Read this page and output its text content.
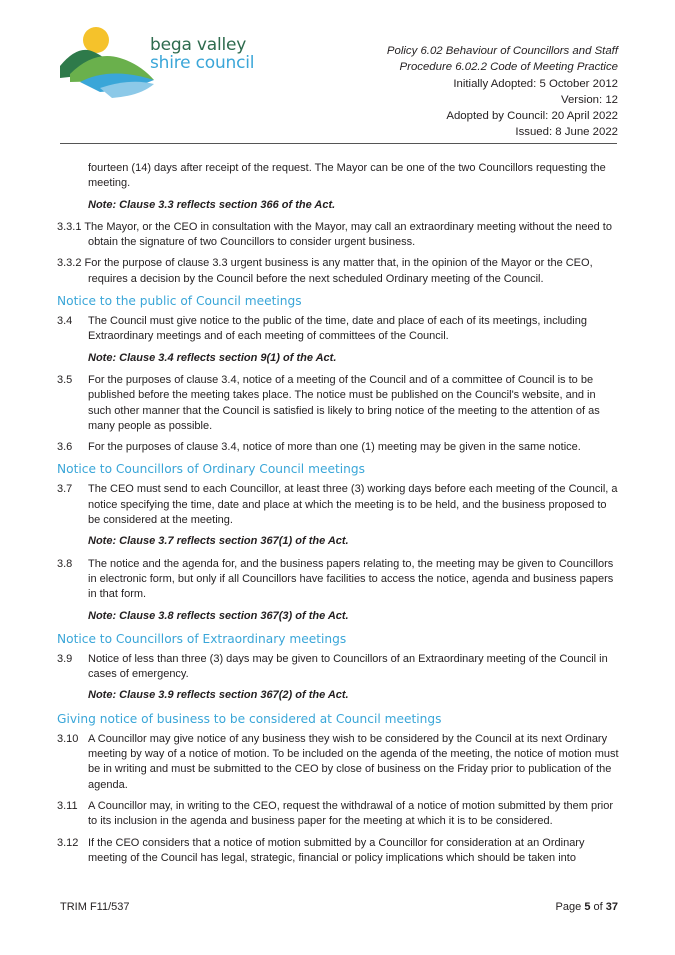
bega valley
shire council
Policy 6.02 Behaviour of Councillors and Staff
Procedure 6.02.2 Code of Meeting Practice
Initially Adopted: 5 October 2012
Version: 12
Adopted by Council: 20 April 2022
Issued: 8 June 2022
fourteen (14) days after receipt of the request. The Mayor can be one of the two Councillors requesting the meeting.
Note: Clause 3.3 reflects section 366 of the Act.
3.3.1 The Mayor, or the CEO in consultation with the Mayor, may call an extraordinary meeting without the need to obtain the signature of two Councillors to consider urgent business.
3.3.2 For the purpose of clause 3.3 urgent business is any matter that, in the opinion of the Mayor or the CEO, requires a decision by the Council before the next scheduled Ordinary meeting of the Council.
Notice to the public of Council meetings
3.4 The Council must give notice to the public of the time, date and place of each of its meetings, including Extraordinary meetings and of each meeting of committees of the Council.
Note: Clause 3.4 reflects section 9(1) of the Act.
3.5 For the purposes of clause 3.4, notice of a meeting of the Council and of a committee of Council is to be published before the meeting takes place. The notice must be published on the Council's website, and in such other manner that the Council is satisfied is likely to bring notice of the meeting to the attention of as many people as possible.
3.6 For the purposes of clause 3.4, notice of more than one (1) meeting may be given in the same notice.
Notice to Councillors of Ordinary Council meetings
3.7 The CEO must send to each Councillor, at least three (3) working days before each meeting of the Council, a notice specifying the time, date and place at which the meeting is to be held, and the business proposed to be considered at the meeting.
Note: Clause 3.7 reflects section 367(1) of the Act.
3.8 The notice and the agenda for, and the business papers relating to, the meeting may be given to Councillors in electronic form, but only if all Councillors have facilities to access the notice, agenda and business papers in that form.
Note: Clause 3.8 reflects section 367(3) of the Act.
Notice to Councillors of Extraordinary meetings
3.9 Notice of less than three (3) days may be given to Councillors of an Extraordinary meeting of the Council in cases of emergency.
Note: Clause 3.9 reflects section 367(2) of the Act.
Giving notice of business to be considered at Council meetings
3.10 A Councillor may give notice of any business they wish to be considered by the Council at its next Ordinary meeting by way of a notice of motion. To be included on the agenda of the meeting, the notice of motion must be in writing and must be submitted to the CEO by close of business on the Friday prior to publication of the agenda.
3.11 A Councillor may, in writing to the CEO, request the withdrawal of a notice of motion submitted by them prior to its inclusion in the agenda and business paper for the meeting at which it is to be considered.
3.12 If the CEO considers that a notice of motion submitted by a Councillor for consideration at an Ordinary meeting of the Council has legal, strategic, financial or policy implications which should be taken into
TRIM F11/537	Page 5 of 37
